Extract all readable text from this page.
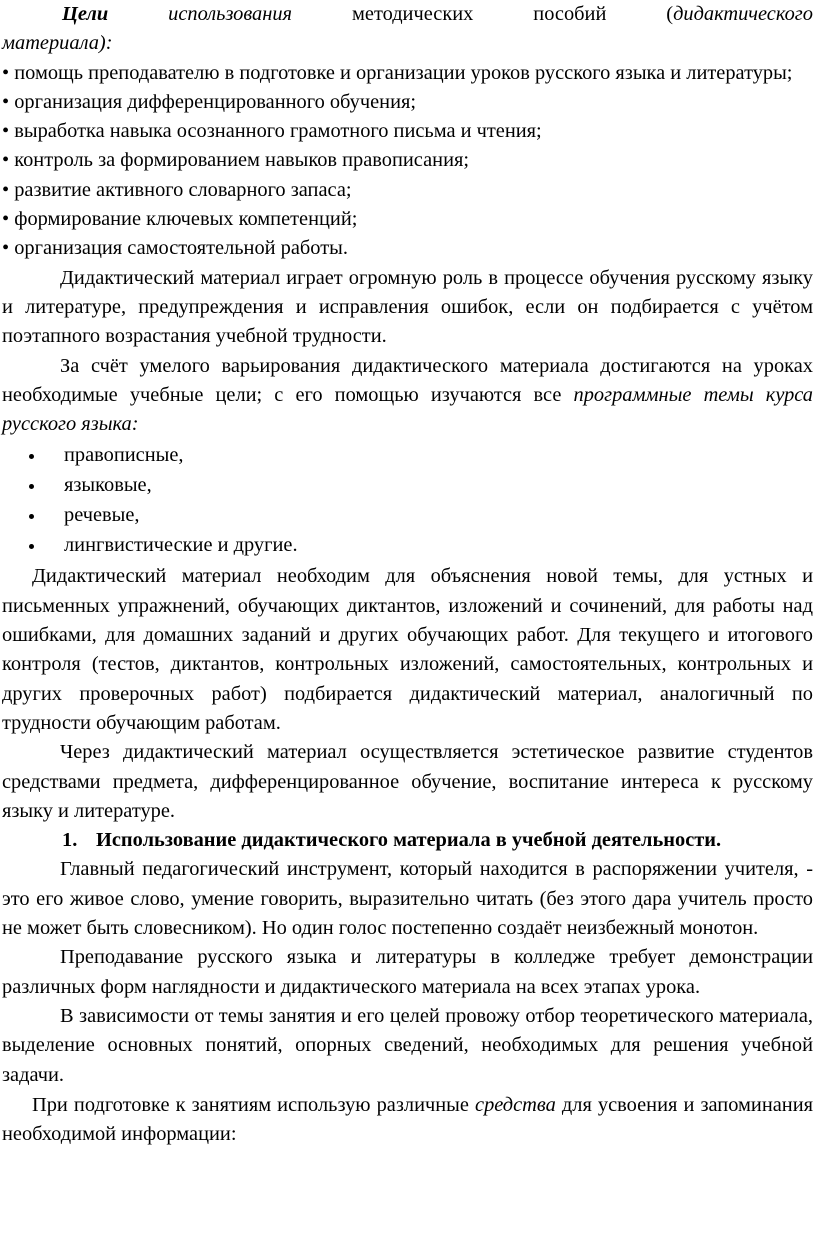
Цели	использования	методических пособий (дидактического
материала):

• помощь преподавателю в подготовке и организации уроков русского языка и литературы;

• организация дифференцированного обучения;

• выработка навыка осознанного грамотного письма и чтения;

• контроль за формированием навыков правописания;

• развитие активного словарного запаса;

• формирование ключевых компетенций;

• организация самостоятельной работы.

Дидактический материал играет огромную роль в процессе обучения русскому языку и литературе, предупреждения и исправления ошибок, если он подбирается с учётом поэтапного возрастания учебной трудности.

За счёт умелого варьирования дидактического материала достигаются на уроках необходимые учебные цели; с его помощью изучаются все программные темы курса русского языка:

правописные,
языковые,
речевые,
лингвистические и другие.

Дидактический материал необходим для объяснения новой темы, для устных и письменных упражнений, обучающих диктантов, изложений и сочинений, для работы над ошибками, для домашних заданий и других обучающих работ. Для текущего и итогового контроля (тестов, диктантов, контрольных изложений, самостоятельных, контрольных и других проверочных работ) подбирается дидактический материал, аналогичный по трудности обучающим работам.

Через дидактический материал осуществляется эстетическое развитие студентов средствами предмета, дифференцированное обучение, воспитание интереса к русскому языку и литературе.

1. Использование дидактического материала в учебной деятельности.

Главный педагогический инструмент, который находится в распоряжении учителя, - это его живое слово, умение говорить, выразительно читать (без этого дара учитель просто не может быть словесником). Но один голос постепенно создаёт неизбежный монотон.

Преподавание русского языка и литературы в колледже требует демонстрации различных форм наглядности и дидактического материала на всех этапах урока.

В зависимости от темы занятия и его целей провожу отбор теоретического материала, выделение основных понятий, опорных сведений, необходимых для решения учебной задачи.

При подготовке к занятиям использую различные средства для усвоения и запоминания необходимой информации:
